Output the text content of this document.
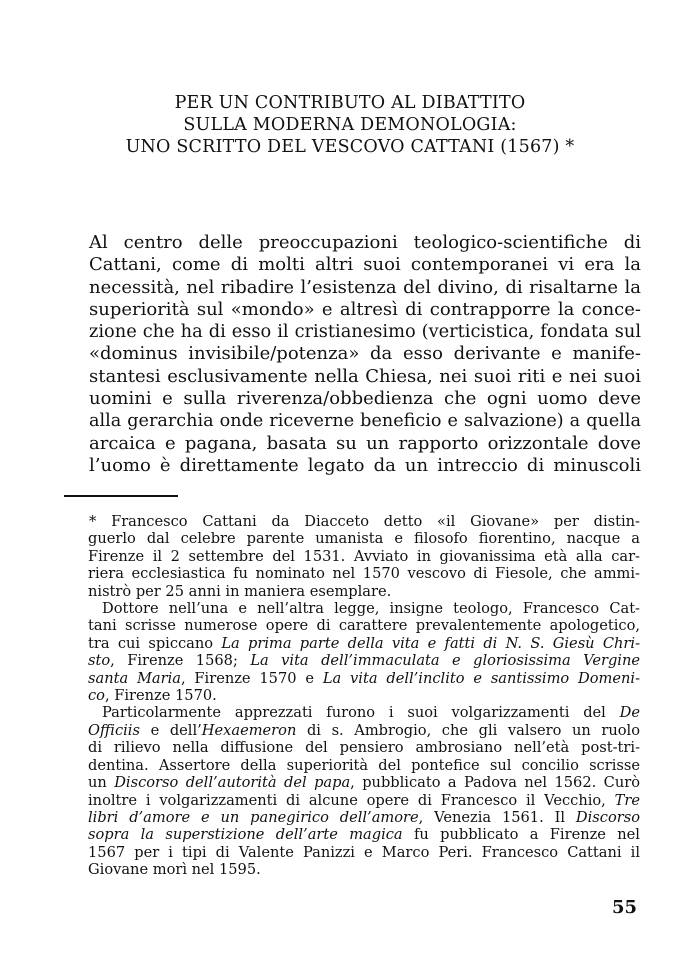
PER UN CONTRIBUTO AL DIBATTITO
SULLA MODERNA DEMONOLOGIA:
UNO SCRITTO DEL VESCOVO CATTANI (1567) *
Al centro delle preoccupazioni teologico-scientifiche di
Cattani, come di molti altri suoi contemporanei vi era la
necessità, nel ribadire l’esistenza del divino, di risaltarne la
superiorità sul «mondo» e altresì di contrapporre la conce-
zione che ha di esso il cristianesimo (verticistica, fondata sul
«dominus invisibile/potenza» da esso derivante e manife-
stantesi esclusivamente nella Chiesa, nei suoi riti e nei suoi
uomini e sulla riverenza/obbedienza che ogni uomo deve
alla gerarchia onde riceverne beneficio e salvazione) a quella
arcaica e pagana, basata su un rapporto orizzontale dove
l’uomo è direttamente legato da un intreccio di minuscoli
* Francesco Cattani da Diacceto detto «il Giovane» per distin-
guerlo dal celebre parente umanista e filosofo fiorentino, nacque a
Firenze il 2 settembre del 1531. Avviato in giovanissima età alla car-
riera ecclesiastica fu nominato nel 1570 vescovo di Fiesole, che ammi-
nistrò per 25 anni in maniera esemplare.
Dottore nell’una e nell’altra legge, insigne teologo, Francesco Cat-
tani scrisse numerose opere di carattere prevalentemente apologetico,
tra cui spiccano La prima parte della vita e fatti di N. S. Giesù Chri-
sto, Firenze 1568; La vita dell’immaculata e gloriosissima Vergine
santa Maria, Firenze 1570 e La vita dell’inclito e santissimo Domeni-
co, Firenze 1570.
Particolarmente apprezzati furono i suoi volgarizzamenti del De
Officiis e dell’Hexaemeron di s. Ambrogio, che gli valsero un ruolo
di rilievo nella diffusione del pensiero ambrosiano nell’età post-tri-
dentina. Assertore della superiorità del pontefice sul concilio scrisse
un Discorso dell’autorità del papa, pubblicato a Padova nel 1562. Curò
inoltre i volgarizzamenti di alcune opere di Francesco il Vecchio, Tre
libri d’amore e un panegirico dell’amore, Venezia 1561. Il Discorso
sopra la superstizione dell’arte magica fu pubblicato a Firenze nel
1567 per i tipi di Valente Panizzi e Marco Peri. Francesco Cattani il
Giovane morì nel 1595.
55
